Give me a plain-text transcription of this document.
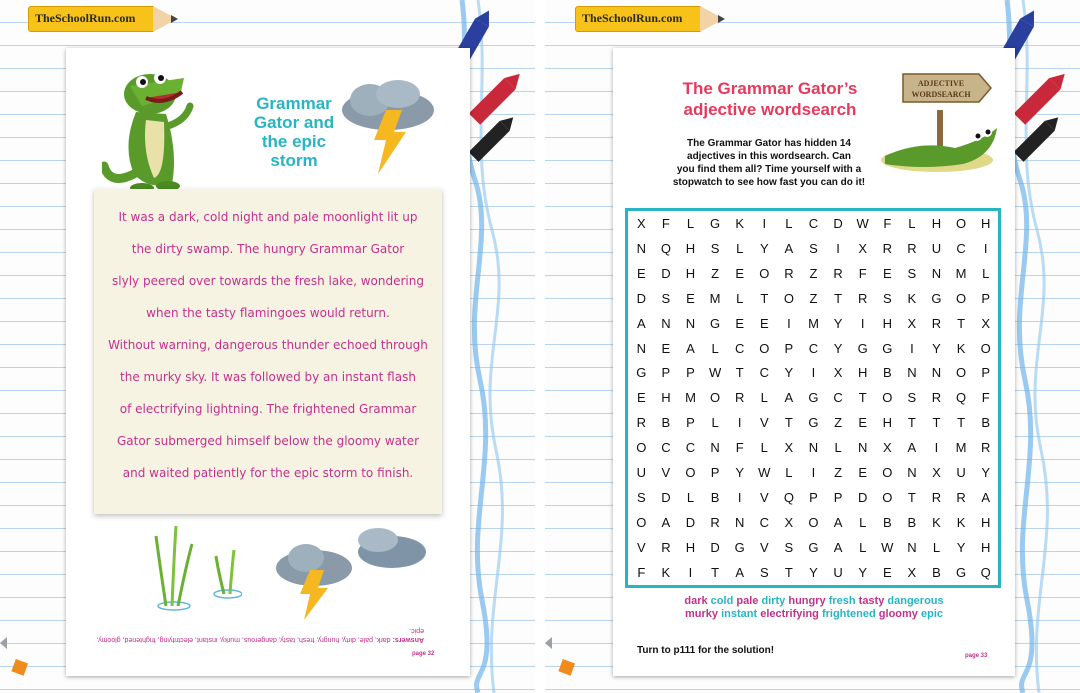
TheSchoolRun.com
Grammar
Gator and
the epic
storm
It was a dark, cold night and pale moonlight lit up
the dirty swamp. The hungry Grammar Gator
slyly peered over towards the fresh lake, wondering
when the tasty flamingoes would return.
Without warning, dangerous thunder echoed through
the murky sky. It was followed by an instant flash
of electrifying lightning. The frightened Grammar
Gator submerged himself below the gloomy water
and waited patiently for the epic storm to finish.
Answers: dark, pale, dirty, hungry, fresh, tasty, dangerous, murky, instant, electrifying, frightened, gloomy, epic.
page 32
TheSchoolRun.com
The Grammar Gator’s
adjective wordsearch
ADJECTIVE
WORDSEARCH
The Grammar Gator has hidden 14
adjectives in this wordsearch. Can
you find them all? Time yourself with a
stopwatch to see how fast you can do it!
X	F	L	G	K	I	L	C	D	W	F	L	H	O	H
N	Q	H	S	L	Y	A	S	I	X	R	R	U	C	I
E	D	H	Z	E	O	R	Z	R	F	E	S	N	M	L
D	S	E	M	L	T	O	Z	T	R	S	K	G	O	P
A	N	N	G	E	E	I	M	Y	I	H	X	R	T	X
N	E	A	L	C	O	P	C	Y	G	G	I	Y	K	O
G	P	P	W	T	C	Y	I	X	H	B	N	N	O	P
E	H	M	O	R	L	A	G	C	T	O	S	R	Q	F
R	B	P	L	I	V	T	G	Z	E	H	T	T	T	B
O	C	C	N	F	L	X	N	L	N	X	A	I	M	R
U	V	O	P	Y	W	L	I	Z	E	O	N	X	U	Y
S	D	L	B	I	V	Q	P	P	D	O	T	R	R	A
O	A	D	R	N	C	X	O	A	L	B	B	K	K	H
V	R	H	D	G	V	S	G	A	L	W	N	L	Y	H
F	K	I	T	A	S	T	Y	U	Y	E	X	B	G	Q
dark cold pale dirty hungry fresh tasty dangerous
murky instant electrifying frightened gloomy epic
Turn to p111 for the solution!	page 33
